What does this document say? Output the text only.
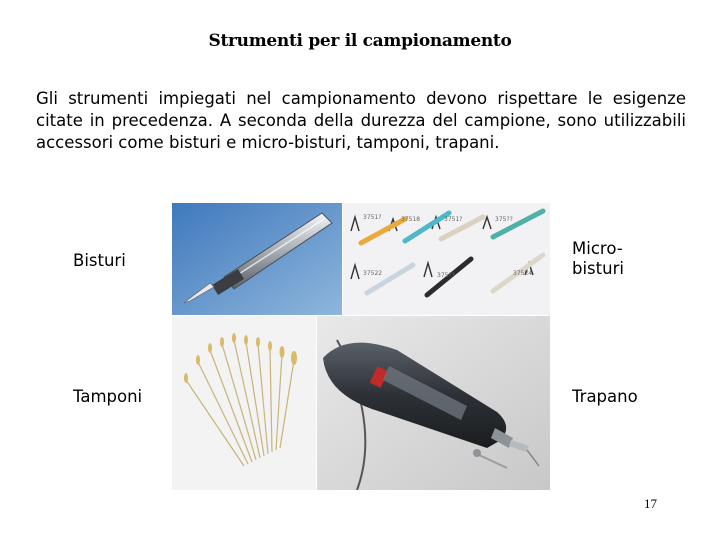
Strumenti per il campionamento
Gli strumenti impiegati nel campionamento devono rispettare le esigenze citate in precedenza. A seconda della durezza del campione, sono utilizzabili accessori come bisturi e micro-bisturi, tamponi, trapani.
Bisturi
Micro-
bisturi
Tamponi	Trapano
3751?	37518	3751?	375??
37522	375??	37524
17
